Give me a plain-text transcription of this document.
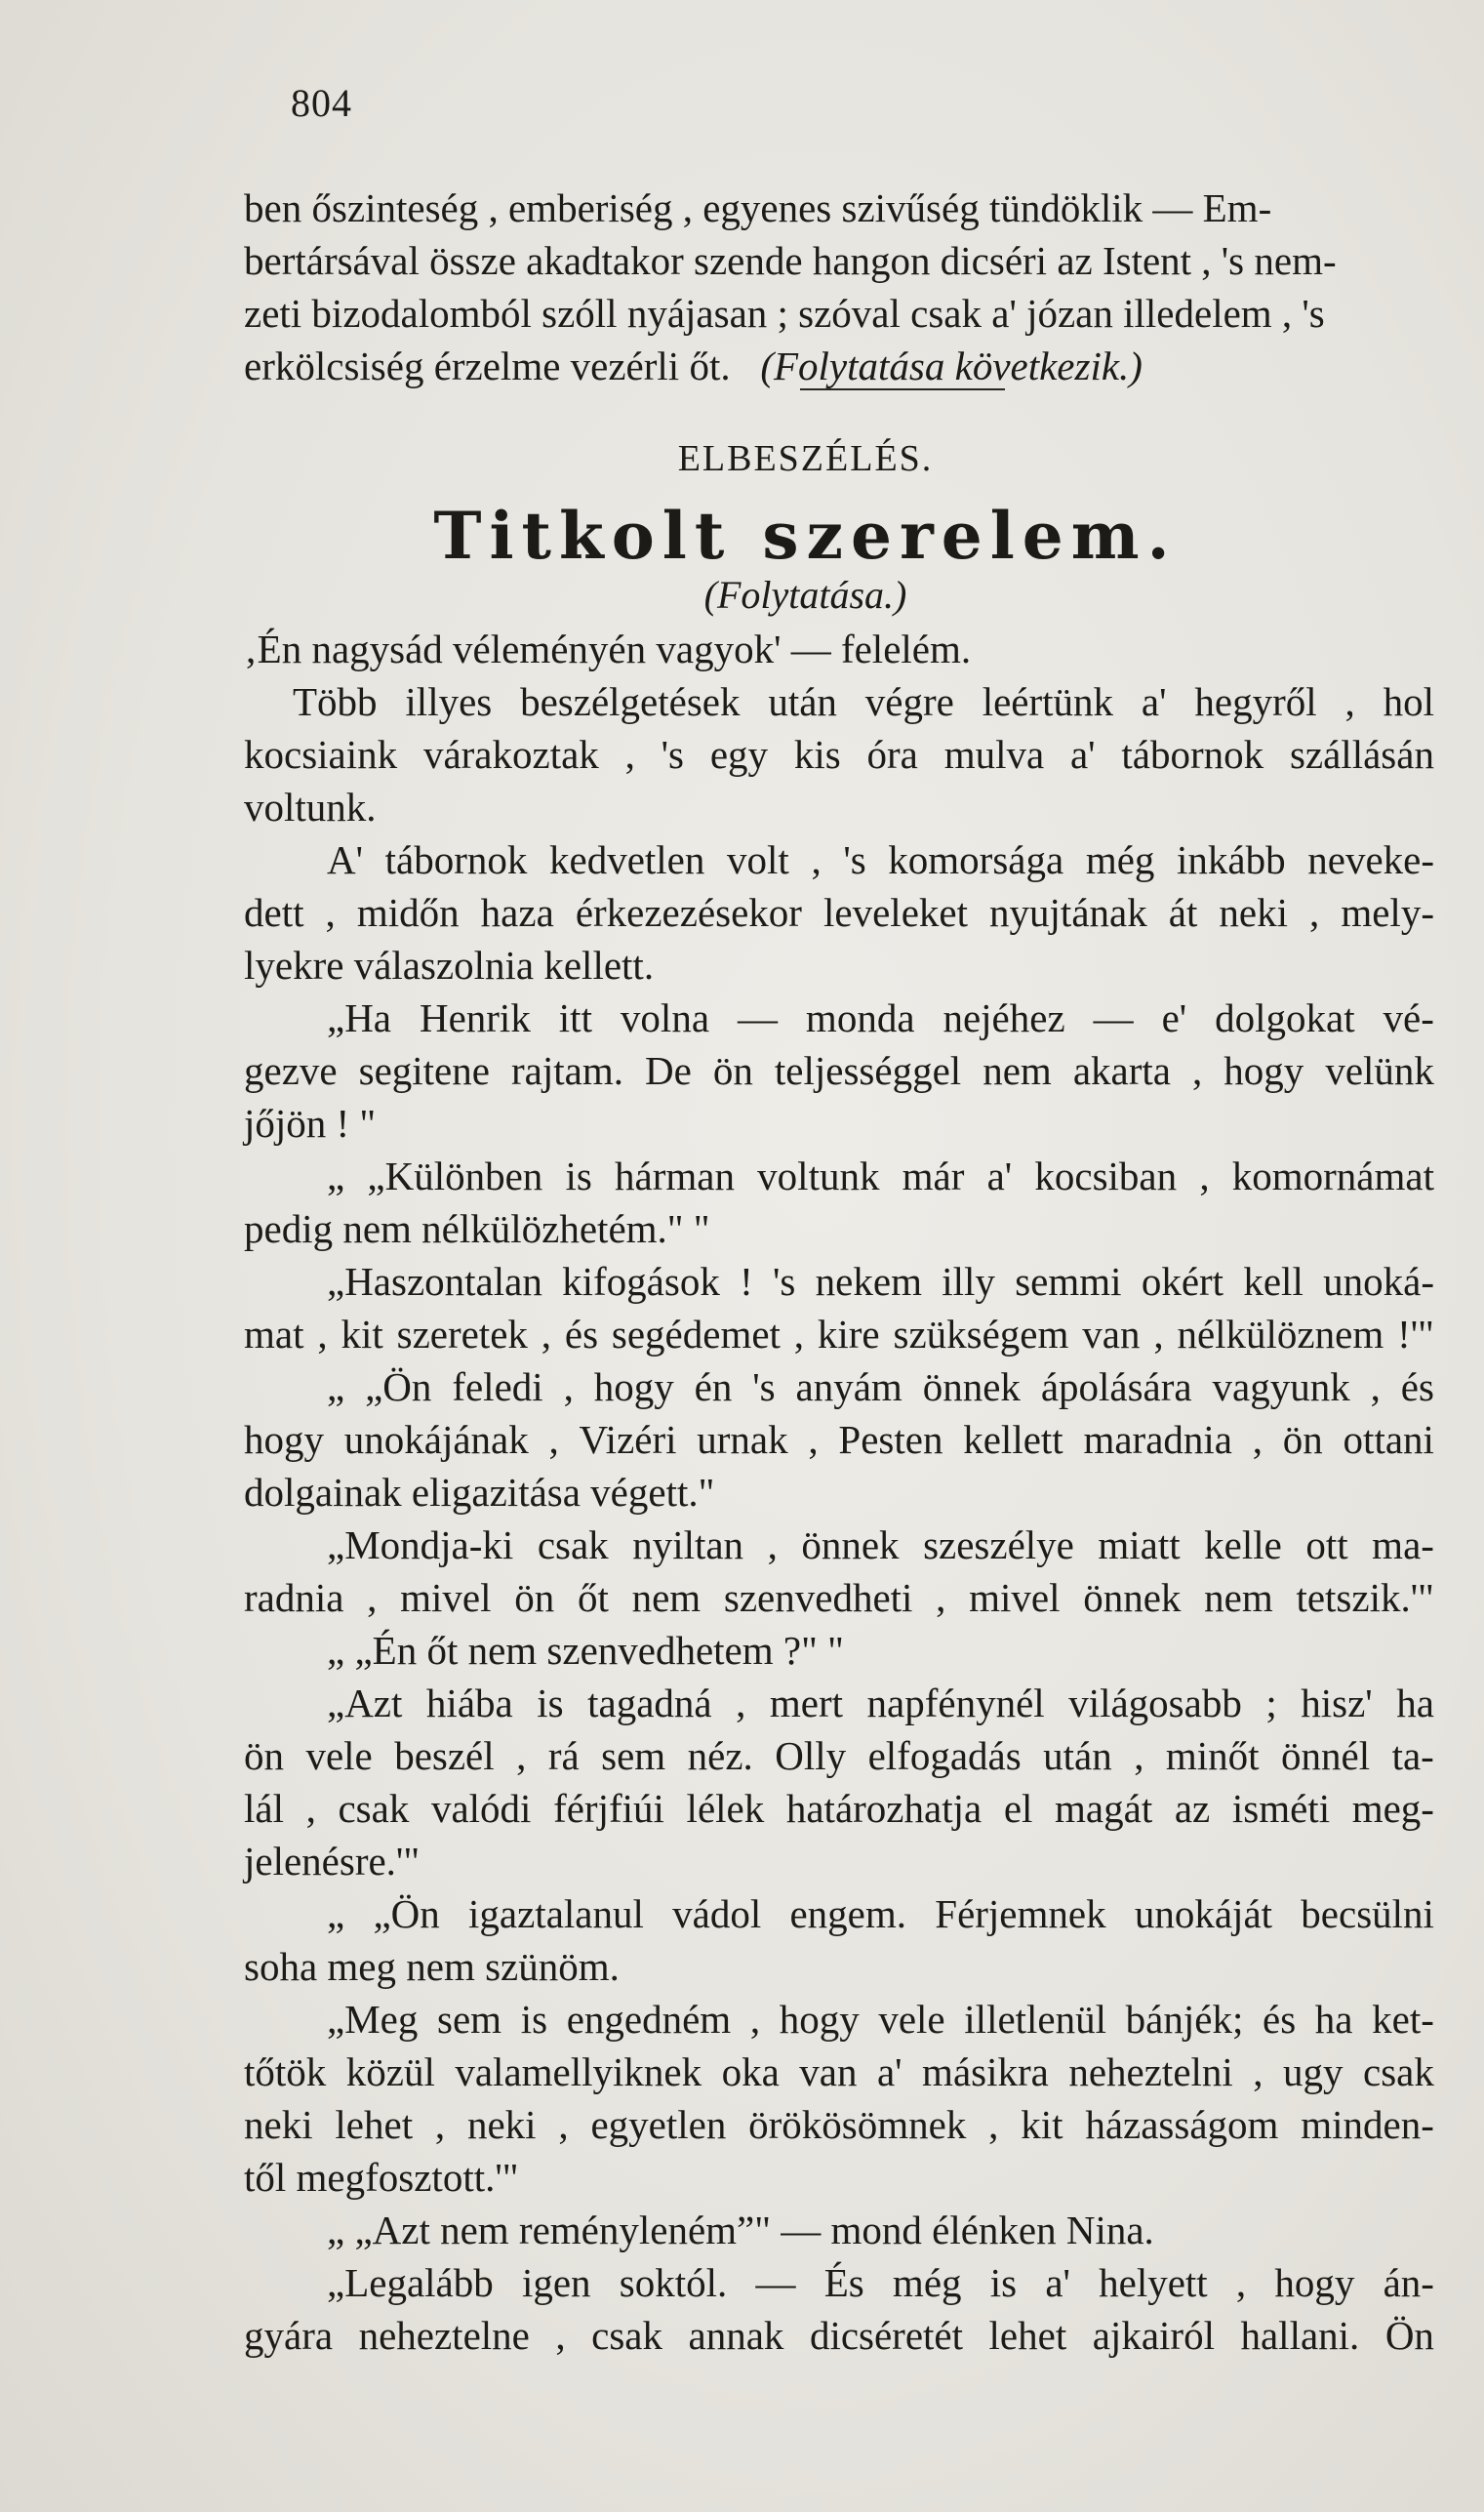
804
ben őszinteség , emberiség , egyenes szivűség tündöklik — Em-
bertársával össze akadtakor szende hangon dicséri az Istent , 's nem-
zeti bizodalomból szóll nyájasan ; szóval csak a' józan illedelem , 's
erkölcsiség érzelme vezérli őt.
(Folytatása következik.)
ELBESZÉLÉS.
Titkolt szerelem.
(Folytatása.)
‚Én nagysád véleményén vagyok' — felelém.
Több illyes beszélgetések után végre leértünk a' hegyről , hol
kocsiaink várakoztak , 's egy kis óra mulva a' tábornok szállásán
voltunk.
A' tábornok kedvetlen volt , 's komorsága még inkább neveke-
dett , midőn haza érkezezésekor leveleket nyujtának át neki , mely-
lyekre válaszolnia kellett.
„Ha Henrik itt volna — monda nejéhez — e' dolgokat vé-
gezve segitene rajtam. De ön teljességgel nem akarta , hogy velünk
jőjön ! "
„ „Különben is hárman voltunk már a' kocsiban , komornámat
pedig nem nélkülözhetém." "
„Haszontalan kifogások ! 's nekem illy semmi okért kell unoká-
mat , kit szeretek , és segédemet , kire szükségem van , nélkülöznem !'"
„ „Ön feledi , hogy én 's anyám önnek ápolására vagyunk , és
hogy unokájának , Vizéri urnak , Pesten kellett maradnia , ön ottani
dolgainak eligazitása végett."
„Mondja-ki csak nyiltan , önnek szeszélye miatt kelle ott ma-
radnia , mivel ön őt nem szenvedheti , mivel önnek nem tetszik.'"
„ „Én őt nem szenvedhetem ?" "
„Azt hiába is tagadná , mert napfénynél világosabb ; hisz' ha
ön vele beszél , rá sem néz. Olly elfogadás után , minőt önnél ta-
lál , csak valódi férjfiúi lélek határozhatja el magát az isméti meg-
jelenésre.'"
„ „Ön igaztalanul vádol engem. Férjemnek unokáját becsülni
soha meg nem szünöm.
„Meg sem is engedném , hogy vele illetlenül bánjék; és ha ket-
tőtök közül valamellyiknek oka van a' másikra neheztelni , ugy csak
neki lehet , neki , egyetlen örökösömnek , kit házasságom minden-
től megfosztott.'"
„ „Azt nem reménylenémˮ" — mond élénken Nina.
„Legalább igen soktól. — És még is a' helyett , hogy án-
gyára neheztelne , csak annak dicséretét lehet ajkairól hallani. Ön
